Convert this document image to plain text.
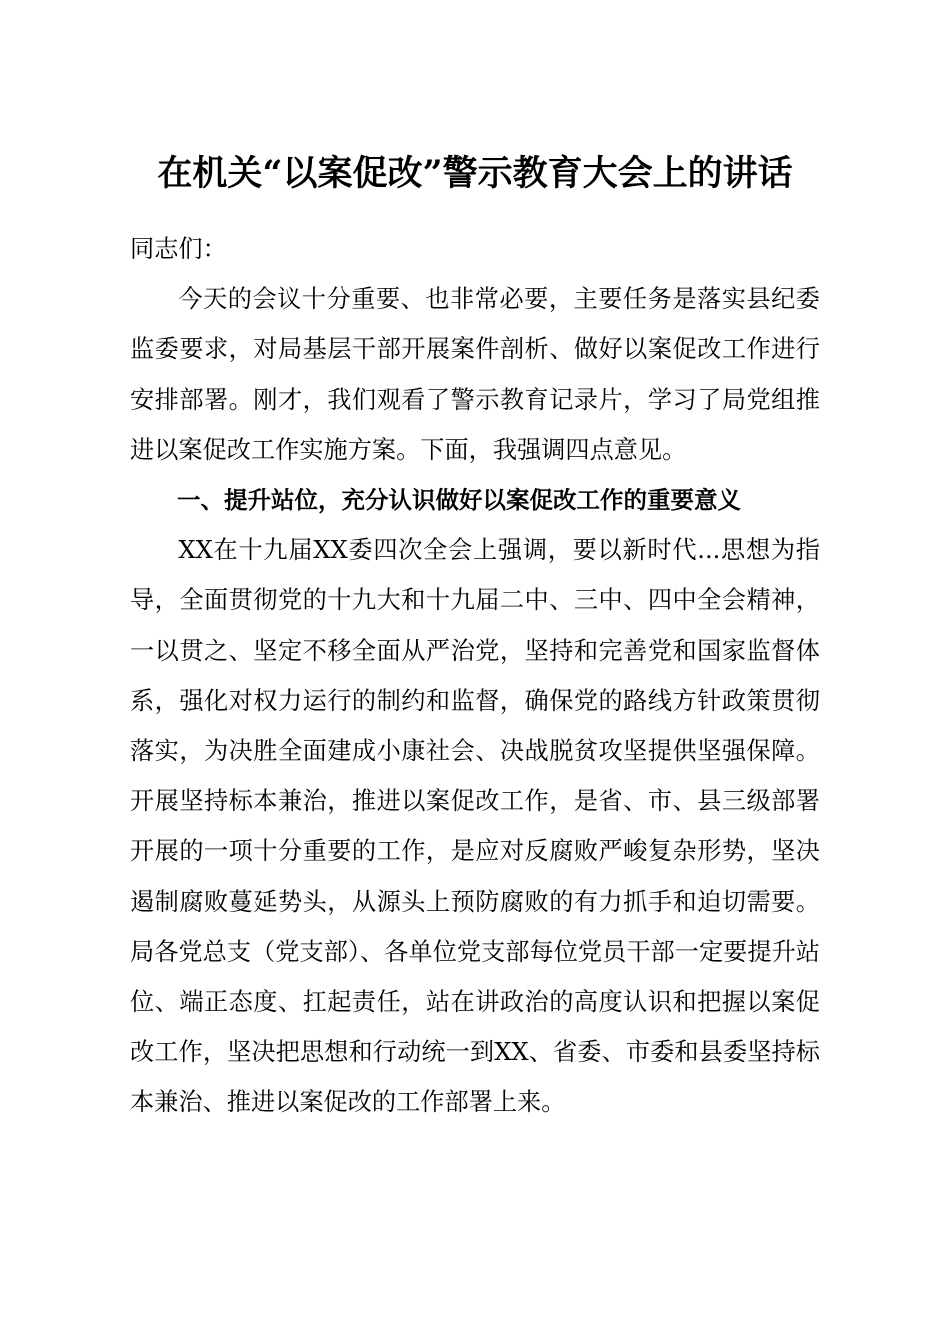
在机关“以案促改”警示教育大会上的讲话

同志们：

今天的会议十分重要、也非常必要，主要任务是落实县纪委监委要求，对局基层干部开展案件剖析、做好以案促改工作进行安排部署。刚才，我们观看了警示教育记录片，学习了局党组推进以案促改工作实施方案。下面，我强调四点意见。

一、提升站位，充分认识做好以案促改工作的重要意义

XX在十九届XX委四次全会上强调，要以新时代...思想为指导，全面贯彻党的十九大和十九届二中、三中、四中全会精神，一以贯之、坚定不移全面从严治党，坚持和完善党和国家监督体系，强化对权力运行的制约和监督，确保党的路线方针政策贯彻落实，为决胜全面建成小康社会、决战脱贫攻坚提供坚强保障。开展坚持标本兼治，推进以案促改工作，是省、市、县三级部署开展的一项十分重要的工作，是应对反腐败严峻复杂形势，坚决遏制腐败蔓延势头，从源头上预防腐败的有力抓手和迫切需要。局各党总支（党支部）、各单位党支部每位党员干部一定要提升站位、端正态度、扛起责任，站在讲政治的高度认识和把握以案促改工作，坚决把思想和行动统一到XX、省委、市委和县委坚持标本兼治、推进以案促改的工作部署上来。
